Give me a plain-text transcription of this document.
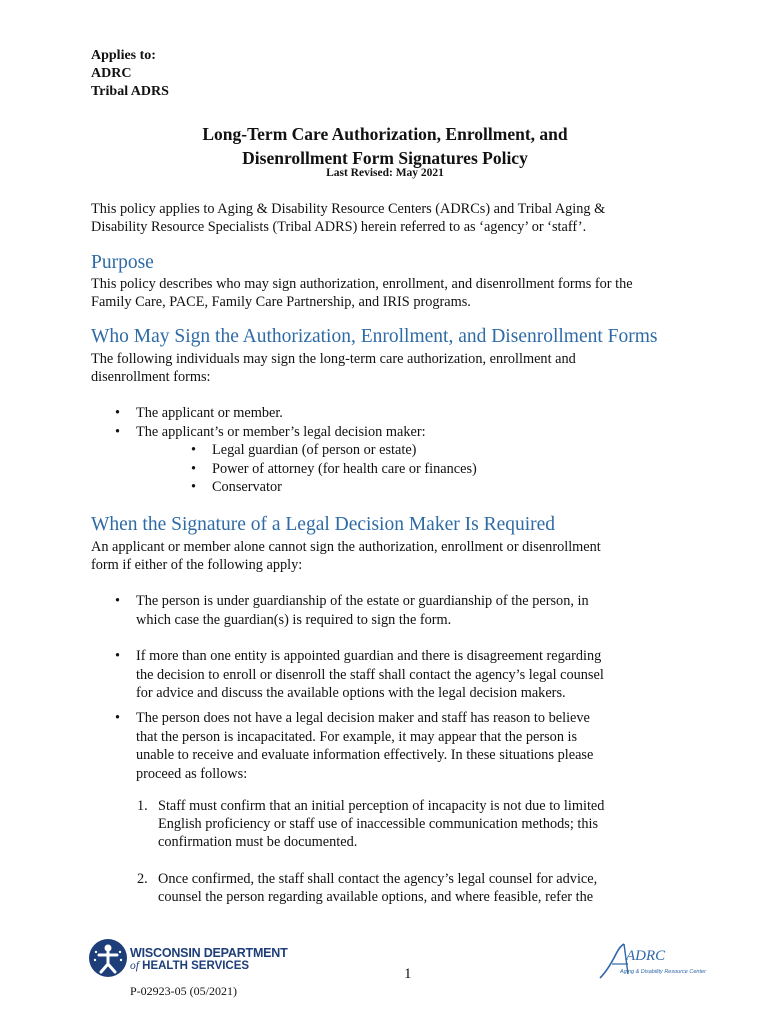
Applies to:
ADRC
Tribal ADRS
Long-Term Care Authorization, Enrollment, and
Disenrollment Form Signatures Policy
Last Revised: May 2021

This policy applies to Aging & Disability Resource Centers (ADRCs) and Tribal Aging &

Disability Resource Specialists (Tribal ADRS) herein referred to as ‘agency’ or ‘staff’.

Purpose

This policy describes who may sign authorization, enrollment, and disenrollment forms for the

Family Care, PACE, Family Care Partnership, and IRIS programs.

Who May Sign the Authorization, Enrollment, and Disenrollment Forms

The following individuals may sign the long-term care authorization, enrollment and

disenrollment forms:

• The applicant or member.
• The applicant’s or member’s legal decision maker:
• Legal guardian (of person or estate)
• Power of attorney (for health care or finances)
• Conservator
When the Signature of a Legal Decision Maker Is Required

An applicant or member alone cannot sign the authorization, enrollment or disenrollment

form if either of the following apply:

• The person is under guardianship of the estate or guardianship of the person, in
which case the guardian(s) is required to sign the form.
• If more than one entity is appointed guardian and there is disagreement regarding
the decision to enroll or disenroll the staff shall contact the agency’s legal counsel
for advice and discuss the available options with the legal decision makers.
• The person does not have a legal decision maker and staff has reason to believe
that the person is incapacitated. For example, it may appear that the person is
unable to receive and evaluate information effectively. In these situations please
proceed as follows:
1. Staff must confirm that an initial perception of incapacity is not due to limited
English proficiency or staff use of inaccessible communication methods; this
confirmation must be documented.
2. Once confirmed, the staff shall contact the agency’s legal counsel for advice,
counsel the person regarding available options, and where feasible, refer the
WISCONSIN DEPARTMENT
of HEALTH SERVICES	1
P-02923-05 (05/2021)
ADRC
Aging & Disability Resource Center
